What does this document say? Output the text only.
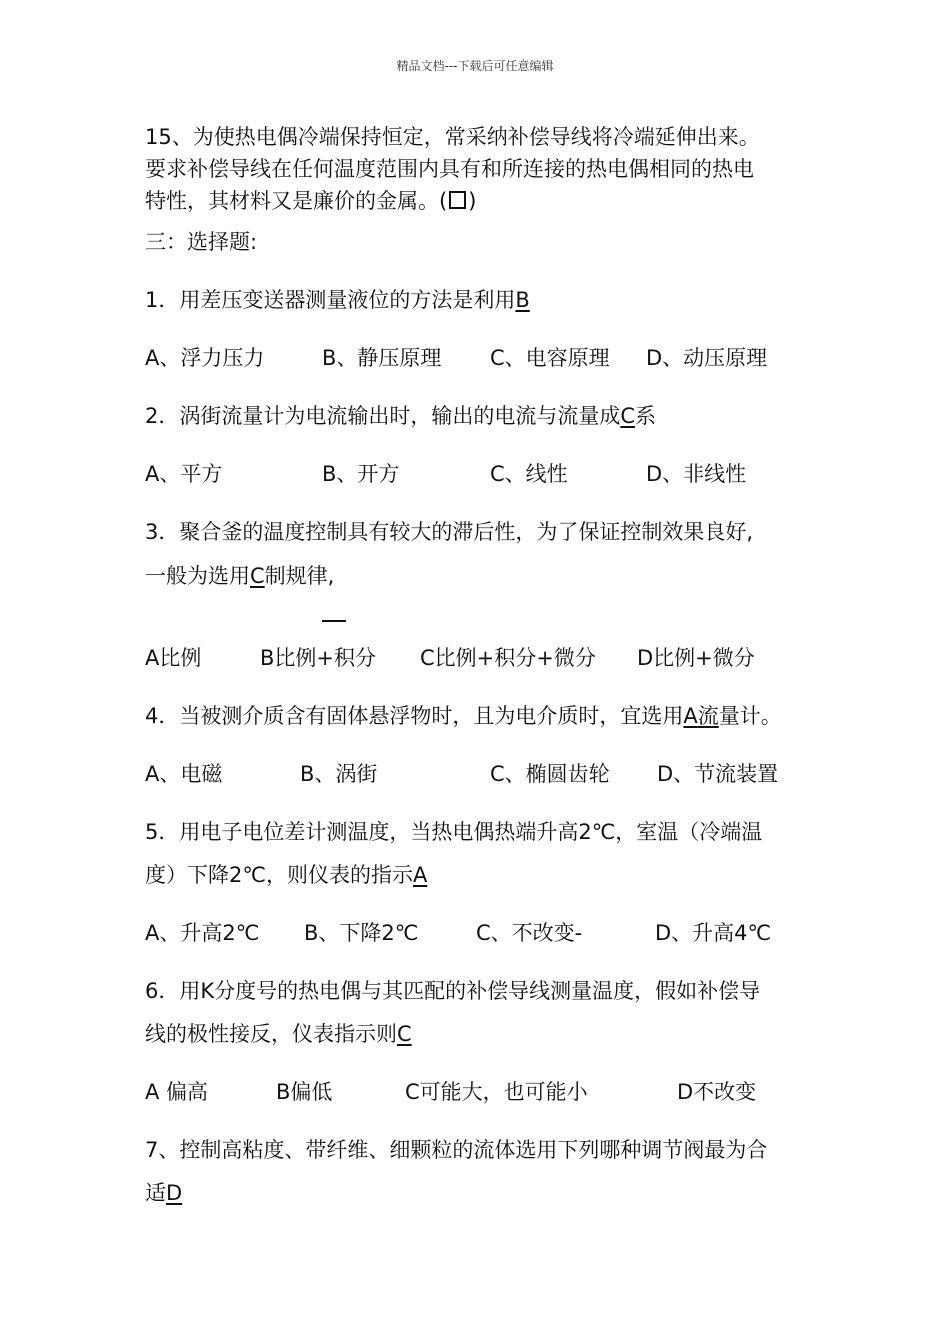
精品文档---下载后可任意编辑
15、为使热电偶冷端保持恒定，常采纳补偿导线将冷端延伸出来。
要求补偿导线在任何温度范围内具有和所连接的热电偶相同的热电
特性，其材料又是廉价的金属。( )
三：选择题:
1．用差压变送器测量液位的方法是利用B
A、浮力压力	B、静压原理 C、电容原理 D、动压原理
2．涡街流量计为电流输出时，输出的电流与流量成C系
A、平方	B、开方	C、线性	D、非线性
3．聚合釜的温度控制具有较大的滞后性，为了保证控制效果良好,
一般为选用C制规律,
A比例	B比例+积分 C比例+积分+微分 D比例+微分
4．当被测介质含有固体悬浮物时，且为电介质时，宜选用A流量计。
A、电磁	B、涡街	C、椭圆齿轮 D、节流装置
5．用电子电位差计测温度，当热电偶热端升高2℃，室温（冷端温
度）下降2℃，则仪表的指示A
A、升高2℃ B、下降2℃	C、不改变-	D、升高4℃
6．用K分度号的热电偶与其匹配的补偿导线测量温度，假如补偿导
线的极性接反，仪表指示则C
A 偏高	B偏低	C可能大，也可能小	D不改变
7、控制高粘度、带纤维、细颗粒的流体选用下列哪种调节阀最为合
适D
